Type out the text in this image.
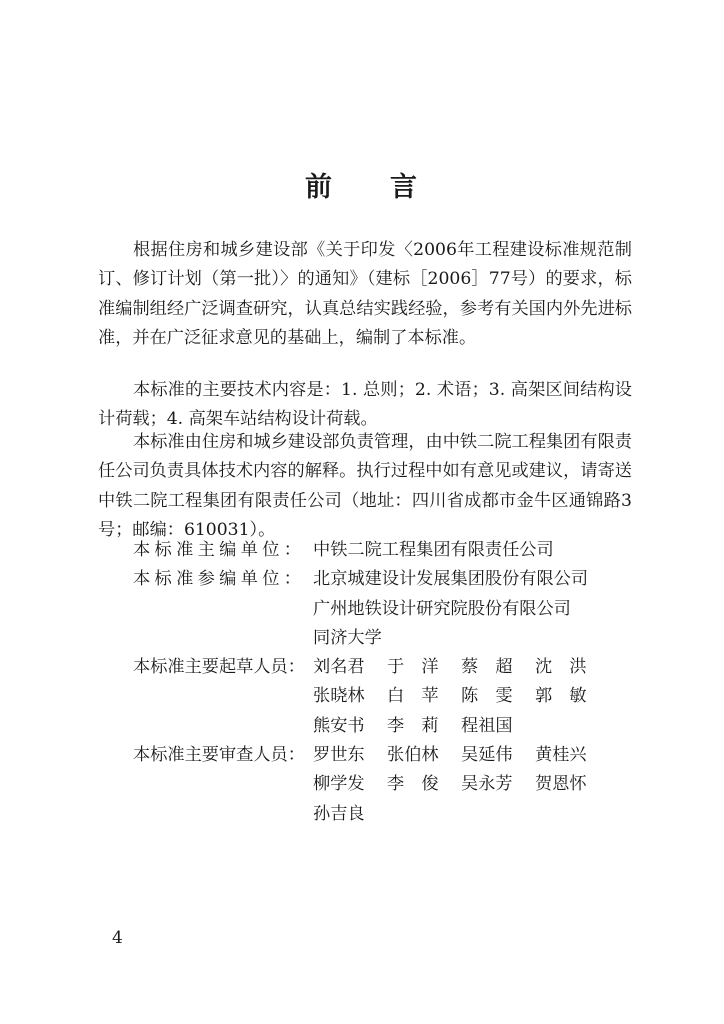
前 言

根据住房和城乡建设部《关于印发〈2006年工程建设标准规范制订、修订计划（第一批）〉的通知》（建标［2006］77号）的要求，标准编制组经广泛调查研究，认真总结实践经验，参考有关国内外先进标准，并在广泛征求意见的基础上，编制了本标准。

本标准的主要技术内容是：1. 总则；2. 术语；3. 高架区间结构设计荷载；4. 高架车站结构设计荷载。

本标准由住房和城乡建设部负责管理，由中铁二院工程集团有限责任公司负责具体技术内容的解释。执行过程中如有意见或建议，请寄送中铁二院工程集团有限责任公司（地址：四川省成都市金牛区通锦路3号；邮编：610031）。

本标准主编单位： 中铁二院工程集团有限责任公司
本标准参编单位： 北京城建设计发展集团股份有限公司
广州地铁设计研究院股份有限公司
同济大学
本标准主要起草人员： 刘名君	于　洋	蔡　超	沈　洪
张晓林	白　苹	陈　雯	郭　敏
熊安书	李　莉	程祖国
本标准主要审查人员： 罗世东	张伯林	吴延伟	黄桂兴
柳学发	李　俊	吴永芳	贺恩怀
孙吉良
4
